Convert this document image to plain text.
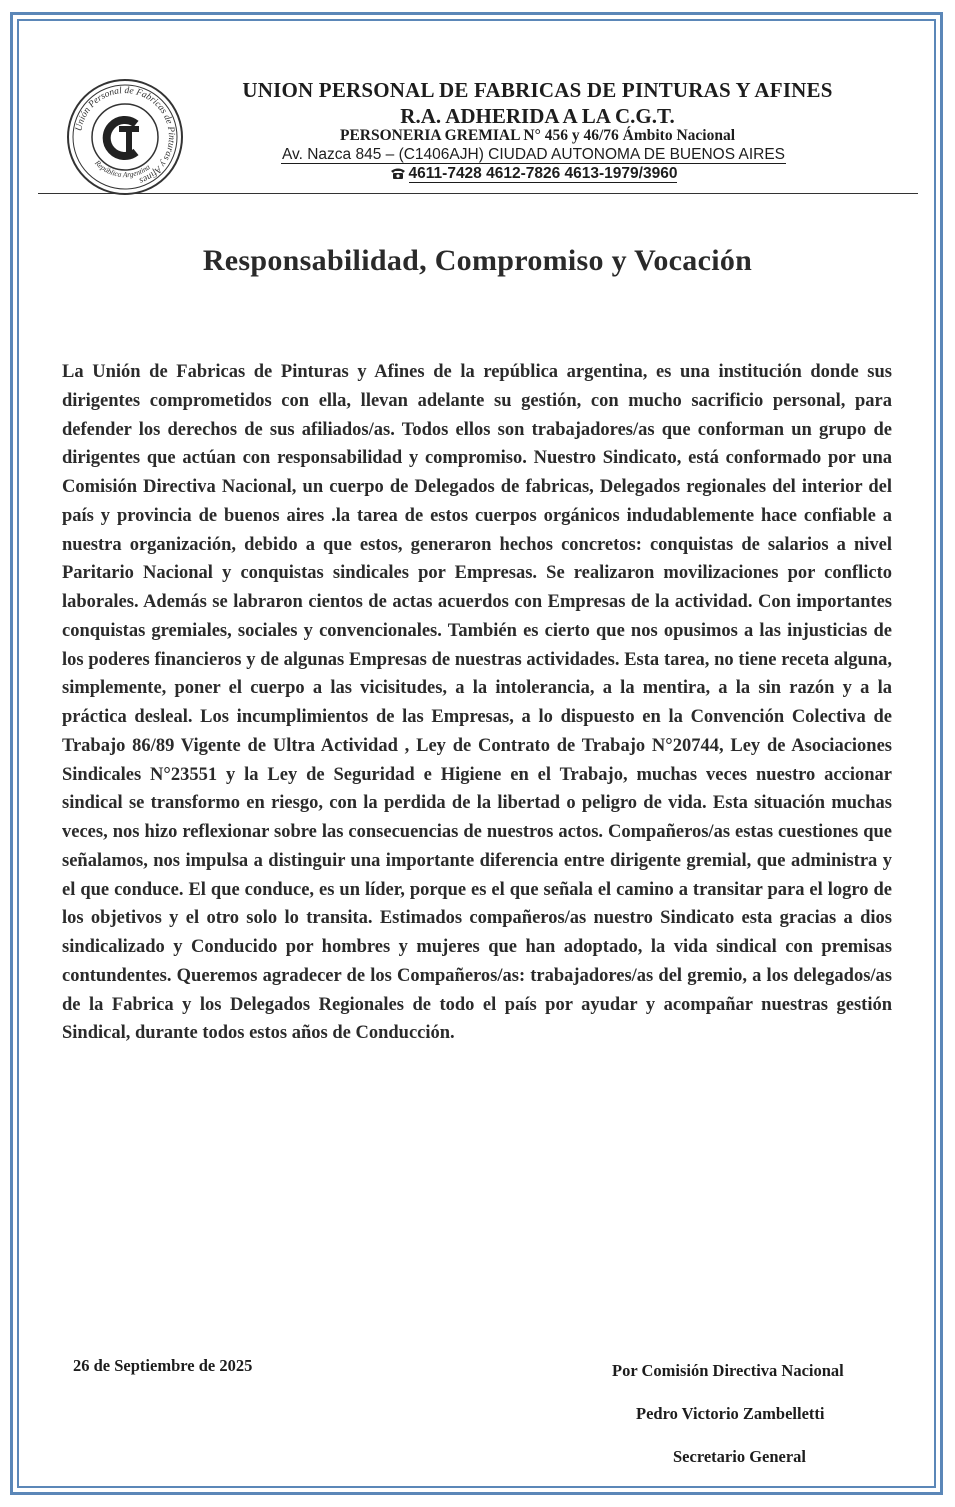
Unión Personal de Fabricas de Pinturas y Afines
República Argentina
UNION PERSONAL DE FABRICAS DE PINTURAS Y AFINES
R.A. ADHERIDA A LA C.G.T.
PERSONERIA GREMIAL N° 456 y 46/76 Ámbito Nacional
Av. Nazca 845 – (C1406AJH) CIUDAD AUTONOMA DE BUENOS AIRES
4611-7428 4612-7826 4613-1979/3960
Responsabilidad, Compromiso y Vocación
La Unión de Fabricas de Pinturas y Afines de la república argentina, es una institución donde sus dirigentes comprometidos con ella, llevan adelante su gestión, con mucho sacrificio personal, para defender los derechos de sus afiliados/as. Todos ellos son trabajadores/as que conforman un grupo de dirigentes que actúan con responsabilidad y compromiso. Nuestro Sindicato, está conformado por una Comisión Directiva Nacional, un cuerpo de Delegados de fabricas, Delegados regionales del interior del país y provincia de buenos aires .la tarea de estos cuerpos orgánicos indudablemente hace confiable a nuestra organización, debido a que estos, generaron hechos concretos: conquistas de salarios a nivel Paritario Nacional y conquistas sindicales por Empresas. Se realizaron movilizaciones por conflicto laborales. Además se labraron cientos de actas acuerdos con Empresas de la actividad. Con importantes conquistas gremiales, sociales y convencionales. También es cierto que nos opusimos a las injusticias de los poderes financieros y de algunas Empresas de nuestras actividades. Esta tarea, no tiene receta alguna, simplemente, poner el cuerpo a las vicisitudes, a la intolerancia, a la mentira, a la sin razón y a la práctica desleal. Los incumplimientos de las Empresas, a lo dispuesto en la Convención Colectiva de Trabajo 86/89 Vigente de Ultra Actividad , Ley de Contrato de Trabajo N°20744, Ley de Asociaciones Sindicales N°23551 y la Ley de Seguridad e Higiene en el Trabajo, muchas veces nuestro accionar sindical se transformo en riesgo, con la perdida de la libertad o peligro de vida. Esta situación muchas veces, nos hizo reflexionar sobre las consecuencias de nuestros actos. Compañeros/as estas cuestiones que señalamos, nos impulsa a distinguir una importante diferencia entre dirigente gremial, que administra y el que conduce. El que conduce, es un líder, porque es el que señala el camino a transitar para el logro de los objetivos y el otro solo lo transita. Estimados compañeros/as nuestro Sindicato esta gracias a dios sindicalizado y Conducido por hombres y mujeres que han adoptado, la vida sindical con premisas contundentes. Queremos agradecer de los Compañeros/as: trabajadores/as del gremio, a los delegados/as de la Fabrica y los Delegados Regionales de todo el país por ayudar y acompañar nuestras gestión Sindical, durante todos estos años de Conducción.
26 de Septiembre de 2025	Por Comisión Directiva Nacional
Pedro Victorio Zambelletti
Secretario General
